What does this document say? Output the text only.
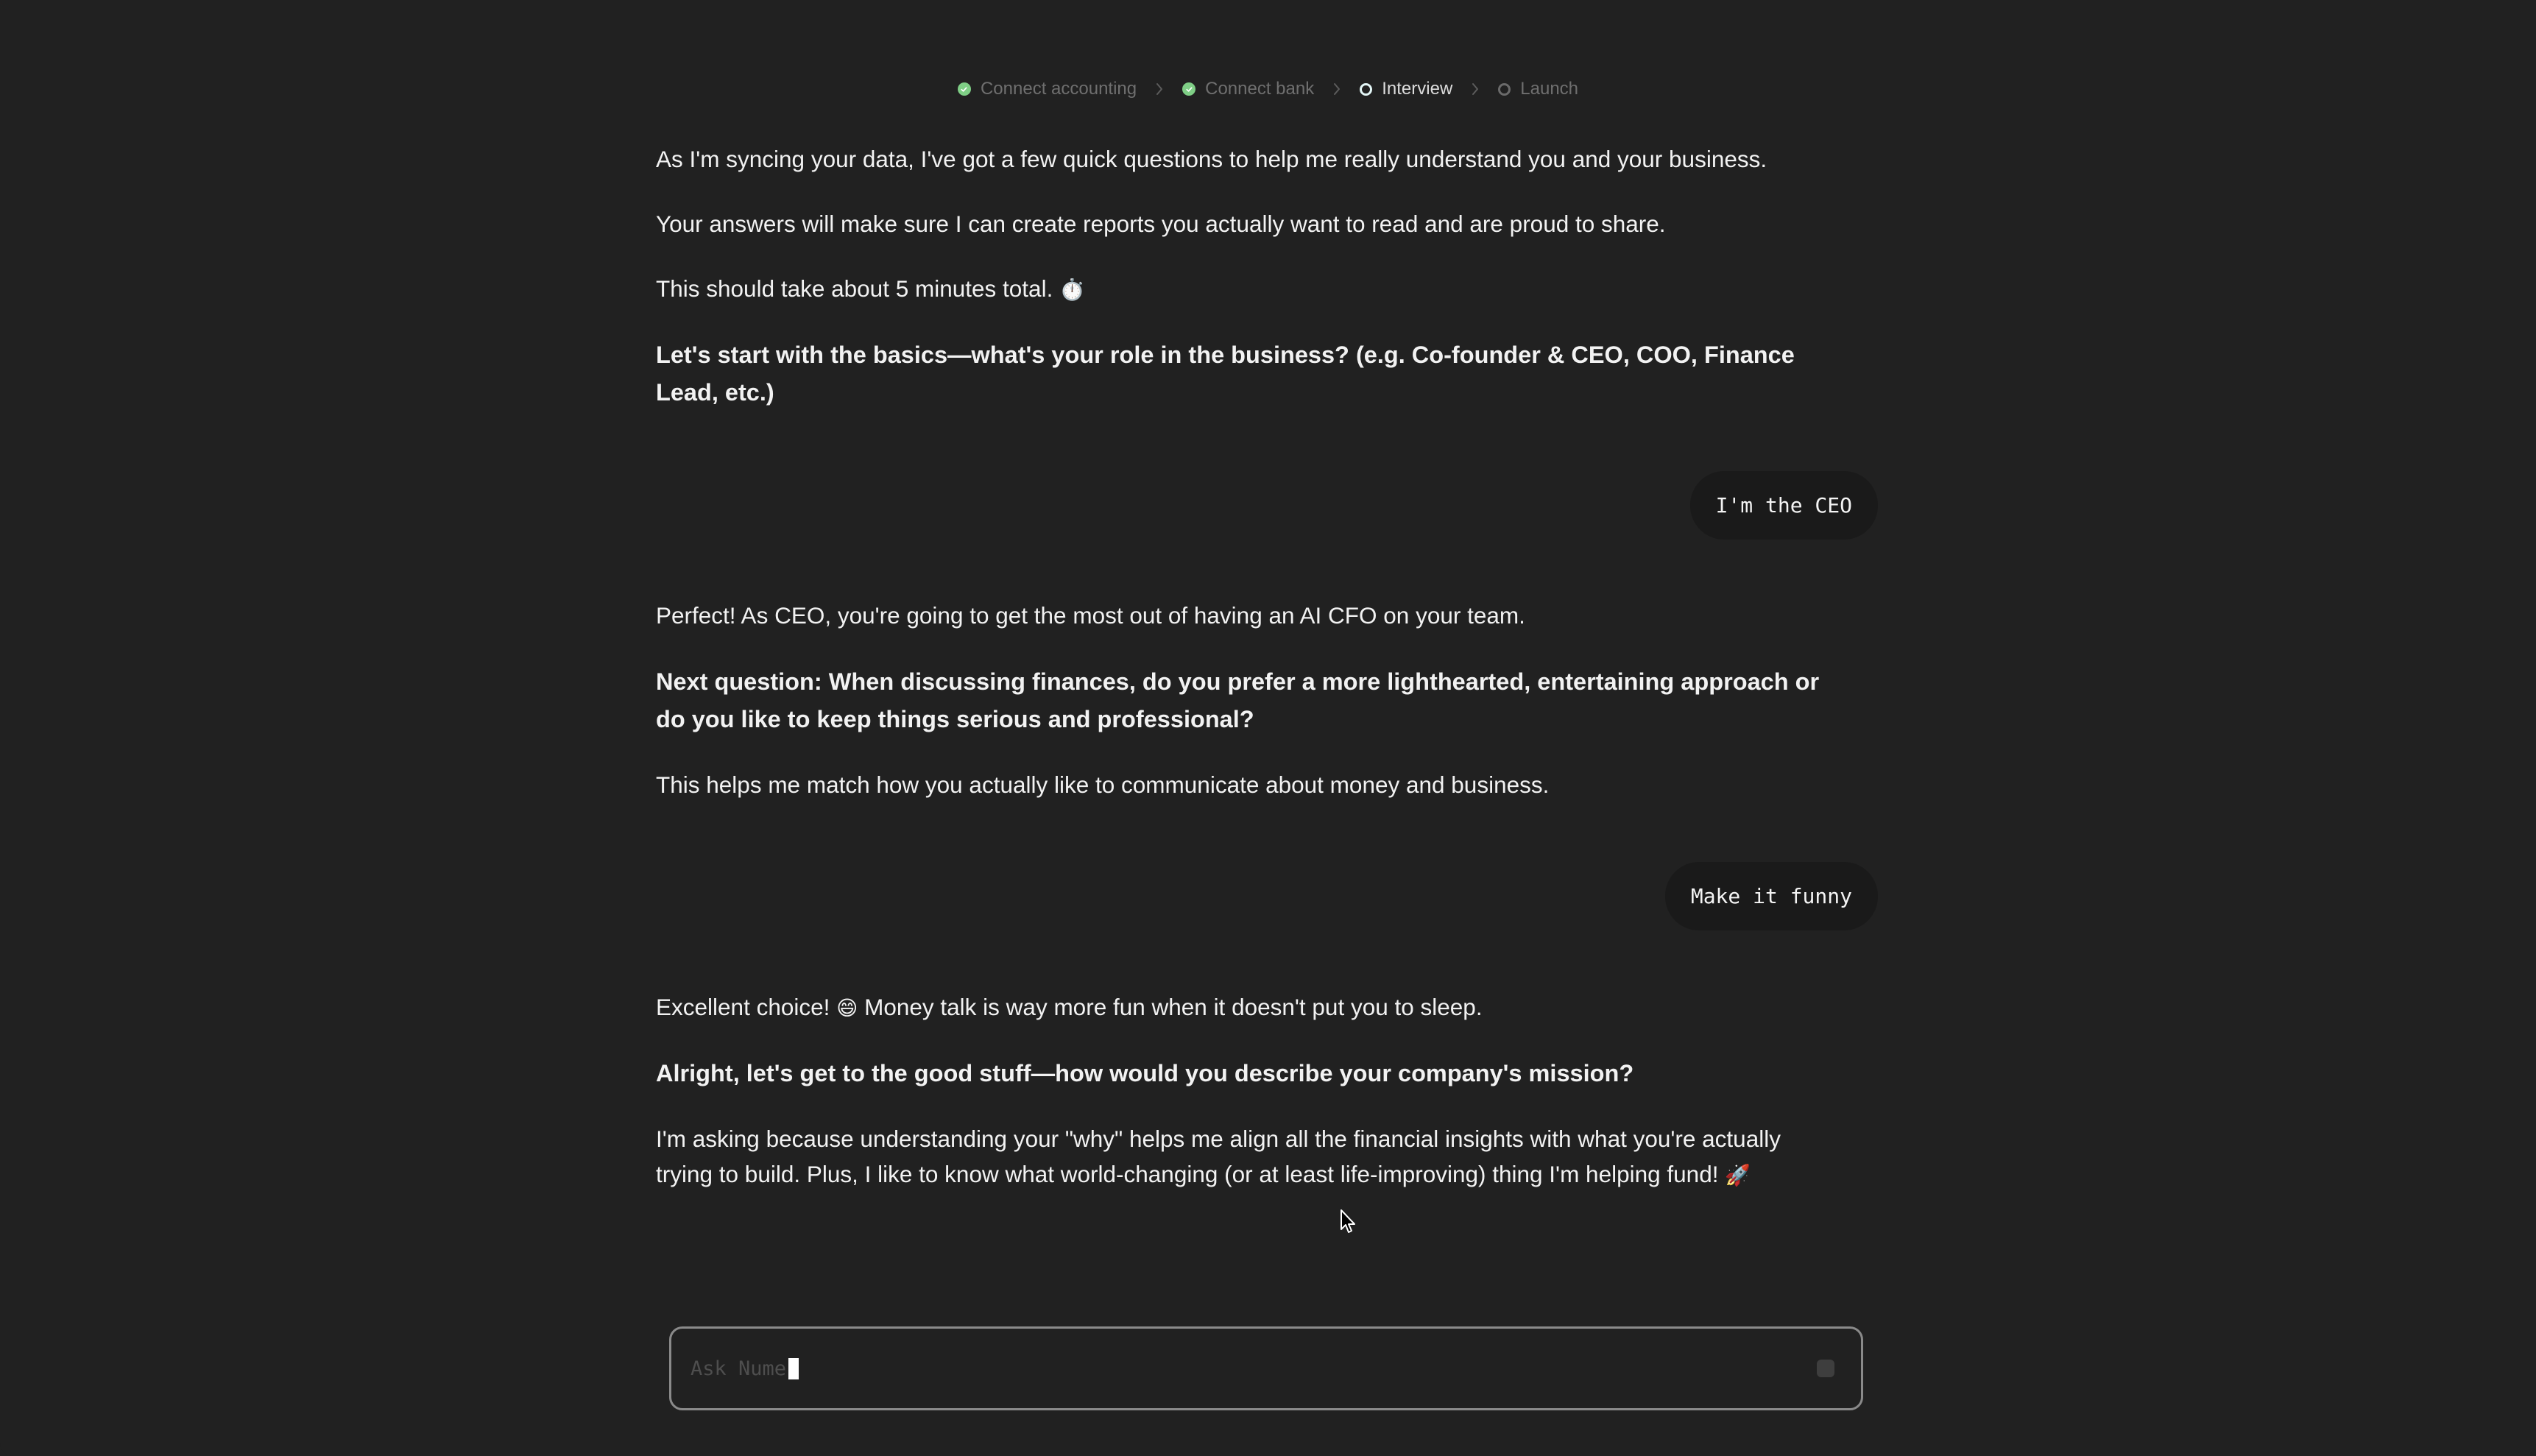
Connect accounting	Connect bank	Interview	Launch
As I'm syncing your data, I've got a few quick questions to help me really understand you and your business.
Your answers will make sure I can create reports you actually want to read and are proud to share.
This should take about 5 minutes total. ⏱️
Let's start with the basics—what's your role in the business? (e.g. Co-founder & CEO, COO, Finance
Lead, etc.)
I'm the CEO
Perfect! As CEO, you're going to get the most out of having an AI CFO on your team.
Next question: When discussing finances, do you prefer a more lighthearted, entertaining approach or
do you like to keep things serious and professional?
This helps me match how you actually like to communicate about money and business.
Make it funny
Excellent choice! 😄 Money talk is way more fun when it doesn't put you to sleep.
Alright, let's get to the good stuff—how would you describe your company's mission?
I'm asking because understanding your "why" helps me align all the financial insights with what you're actually
trying to build. Plus, I like to know what world-changing (or at least life-improving) thing I'm helping fund! 🚀
Ask Nume
